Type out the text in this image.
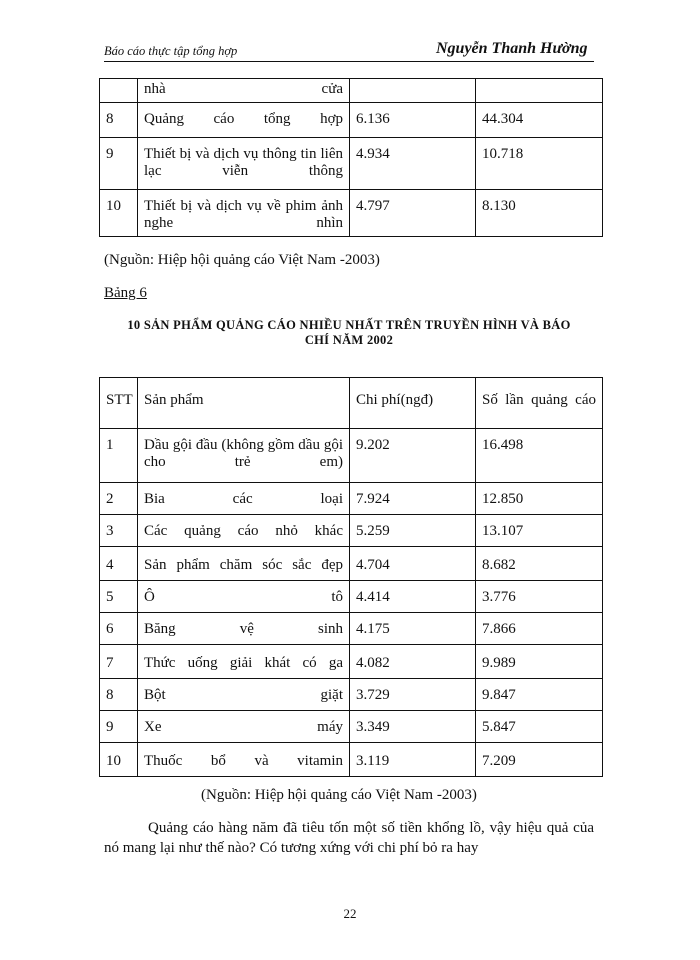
Báo cáo thực tập tổng hợp	Nguyễn Thanh Hường
	nhà cửa		
8	Quảng cáo tổng hợp	6.136	44.304
9	Thiết bị và dịch vụ thông tin liên lạc viễn thông	4.934	10.718
10	Thiết bị và dịch vụ về phim ảnh nghe nhìn	4.797	8.130
(Nguồn: Hiệp hội quảng cáo Việt Nam -2003)
Bảng 6
10 SẢN PHẨM QUẢNG CÁO NHIỀU NHẤT TRÊN TRUYỀN HÌNH VÀ BÁO
CHÍ NĂM 2002
STT	Sản phẩm	Chi phí(ngđ)	Số lần quảng cáo
1	Dầu gội đầu (không gồm dầu gội cho trẻ em)	9.202	16.498
2	Bia các loại	7.924	12.850
3	Các quảng cáo nhỏ khác	5.259	13.107
4	Sản phẩm chăm sóc sắc đẹp	4.704	8.682
5	Ô tô	4.414	3.776
6	Băng vệ sinh	4.175	7.866
7	Thức uống giải khát có ga	4.082	9.989
8	Bột giặt	3.729	9.847
9	Xe máy	3.349	5.847
10	Thuốc bổ và vitamin	3.119	7.209
(Nguồn: Hiệp hội quảng cáo Việt Nam -2003)
Quảng cáo hàng năm đã tiêu tốn một số tiền khổng lồ, vậy hiệu quả của nó mang lại như thế nào? Có tương xứng với chi phí bỏ ra hay
22
